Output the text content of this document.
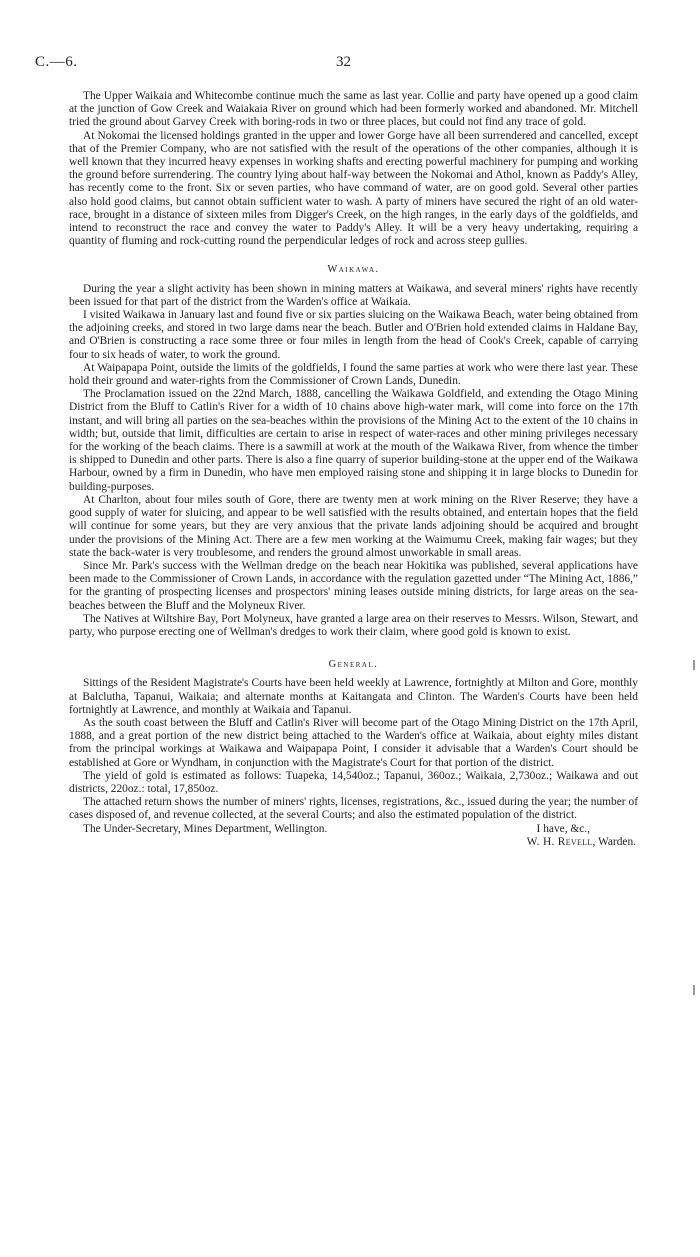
C.—6.	32

The Upper Waikaia and Whitecombe continue much the same as last year. Collie and party have opened up a good claim at the junction of Gow Creek and Waiakaia River on ground which had been formerly worked and abandoned. Mr. Mitchell tried the ground about Garvey Creek with boring-rods in two or three places, but could not find any trace of gold.

At Nokomai the licensed holdings granted in the upper and lower Gorge have all been surrendered and cancelled, except that of the Premier Company, who are not satisfied with the result of the operations of the other companies, although it is well known that they incurred heavy expenses in working shafts and erecting powerful machinery for pumping and working the ground before surrendering. The country lying about half-way between the Nokomai and Athol, known as Paddy's Alley, has recently come to the front. Six or seven parties, who have command of water, are on good gold. Several other parties also hold good claims, but cannot obtain sufficient water to wash. A party of miners have secured the right of an old water-race, brought in a distance of sixteen miles from Digger's Creek, on the high ranges, in the early days of the goldfields, and intend to reconstruct the race and convey the water to Paddy's Alley. It will be a very heavy undertaking, requiring a quantity of fluming and rock-cutting round the perpendicular ledges of rock and across steep gullies.

Waikawa.

During the year a slight activity has been shown in mining matters at Waikawa, and several miners' rights have recently been issued for that part of the district from the Warden's office at Waikaia.

I visited Waikawa in January last and found five or six parties sluicing on the Waikawa Beach, water being obtained from the adjoining creeks, and stored in two large dams near the beach. Butler and O'Brien hold extended claims in Haldane Bay, and O'Brien is constructing a race some three or four miles in length from the head of Cook's Creek, capable of carrying four to six heads of water, to work the ground.

At Waipapapa Point, outside the limits of the goldfields, I found the same parties at work who were there last year. These hold their ground and water-rights from the Commissioner of Crown Lands, Dunedin.

The Proclamation issued on the 22nd March, 1888, cancelling the Waikawa Goldfield, and extending the Otago Mining District from the Bluff to Catlin's River for a width of 10 chains above high-water mark, will come into force on the 17th instant, and will bring all parties on the sea-beaches within the provisions of the Mining Act to the extent of the 10 chains in width; but, outside that limit, difficulties are certain to arise in respect of water-races and other mining privileges necessary for the working of the beach claims. There is a sawmill at work at the mouth of the Waikawa River, from whence the timber is shipped to Dunedin and other parts. There is also a fine quarry of superior building-stone at the upper end of the Waikawa Harbour, owned by a firm in Dunedin, who have men employed raising stone and shipping it in large blocks to Dunedin for building-purposes.

At Charlton, about four miles south of Gore, there are twenty men at work mining on the River Reserve; they have a good supply of water for sluicing, and appear to be well satisfied with the results obtained, and entertain hopes that the field will continue for some years, but they are very anxious that the private lands adjoining should be acquired and brought under the provisions of the Mining Act. There are a few men working at the Waimumu Creek, making fair wages; but they state the back-water is very troublesome, and renders the ground almost unworkable in small areas.

Since Mr. Park's success with the Wellman dredge on the beach near Hokitika was published, several applications have been made to the Commissioner of Crown Lands, in accordance with the regulation gazetted under “The Mining Act, 1886,” for the granting of prospecting licenses and prospectors' mining leases outside mining districts, for large areas on the sea-beaches between the Bluff and the Molyneux River.

The Natives at Wiltshire Bay, Port Molyneux, have granted a large area on their reserves to Messrs. Wilson, Stewart, and party, who purpose erecting one of Wellman's dredges to work their claim, where good gold is known to exist.

General.

Sittings of the Resident Magistrate's Courts have been held weekly at Lawrence, fortnightly at Milton and Gore, monthly at Balclutha, Tapanui, Waikaia; and alternate months at Kaitangata and Clinton. The Warden's Courts have been held fortnightly at Lawrence, and monthly at Waikaia and Tapanui.

As the south coast between the Bluff and Catlin's River will become part of the Otago Mining District on the 17th April, 1888, and a great portion of the new district being attached to the Warden's office at Waikaia, about eighty miles distant from the principal workings at Waikawa and Waipapapa Point, I consider it advisable that a Warden's Court should be established at Gore or Wyndham, in conjunction with the Magistrate's Court for that portion of the district.

The yield of gold is estimated as follows: Tuapeka, 14,540oz.; Tapanui, 360oz.; Waikaia, 2,730oz.; Waikawa and out districts, 220oz.: total, 17,850oz.

The attached return shows the number of miners' rights, licenses, registrations, &c., issued during the year; the number of cases disposed of, and revenue collected, at the several Courts; and also the estimated population of the district.

The Under-Secretary, Mines Department, Wellington.	I have, &c.,
W. H. Revell, Warden.
